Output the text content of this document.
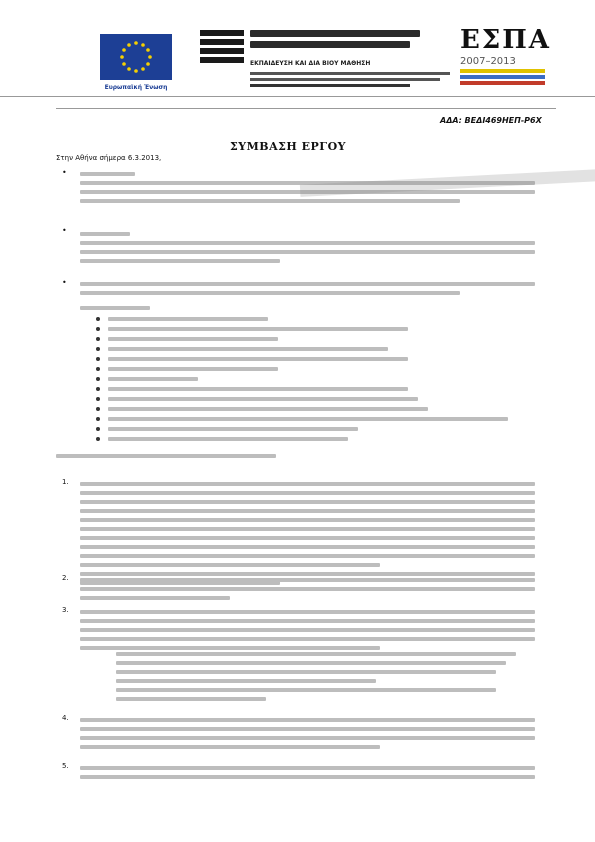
Ευρωπαϊκή Ένωση
ΕΚΠΑΙΔΕΥΣΗ ΚΑΙ ΔΙΑ ΒΙΟΥ ΜΑΘΗΣΗ
ΕΣΠΑ
2007–2013
ΑΔΑ: ΒΕΔΙ469ΗΕΠ-Ρ6Χ
ΣΥΜΒΑΣΗ ΕΡΓΟΥ
Στην Αθήνα σήμερα 6.3.2013,
•
•
•
1.
2.
3.
4.
5.
